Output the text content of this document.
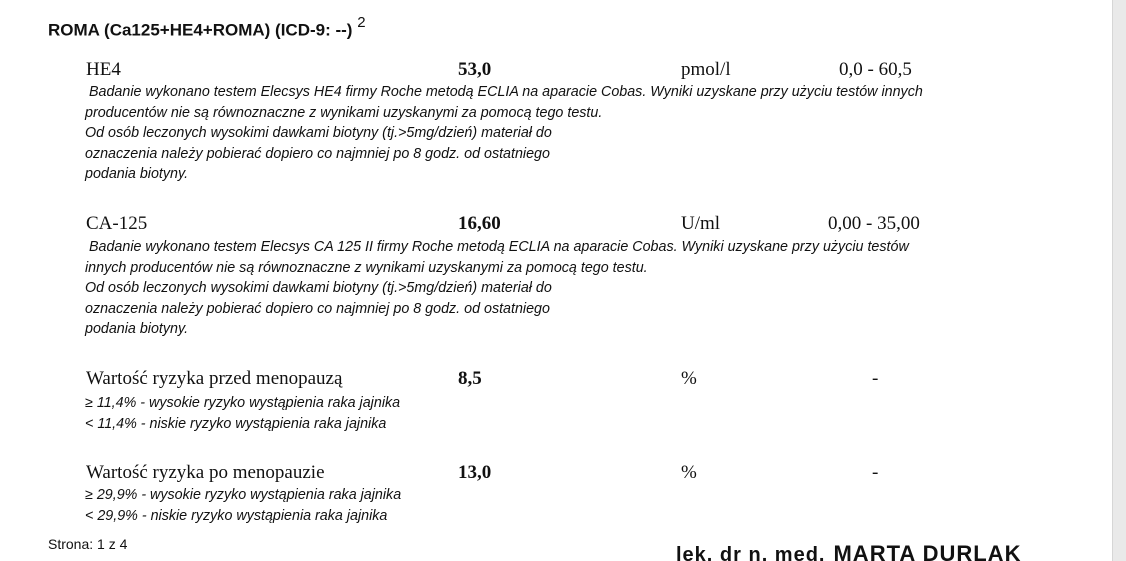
ROMA (Ca125+HE4+ROMA) (ICD-9: --) $^2$
HE4	53,0	pmol/l	0,0 - 60,5
Badanie wykonano testem Elecsys HE4 firmy Roche metodą ECLIA na aparacie Cobas. Wyniki uzyskane przy użyciu testów innych
producentów nie są równoznaczne z wynikami uzyskanymi za pomocą tego testu.
Od osób leczonych wysokimi dawkami biotyny (tj.>5mg/dzień) materiał do
oznaczenia należy pobierać dopiero co najmniej po 8 godz. od ostatniego
podania biotyny.
CA-125	16,60	U/ml	0,00 - 35,00
Badanie wykonano testem Elecsys CA 125 II firmy Roche metodą ECLIA na aparacie Cobas. Wyniki uzyskane przy użyciu testów
innych producentów nie są równoznaczne z wynikami uzyskanymi za pomocą tego testu.
Od osób leczonych wysokimi dawkami biotyny (tj.>5mg/dzień) materiał do
oznaczenia należy pobierać dopiero co najmniej po 8 godz. od ostatniego
podania biotyny.
Wartość ryzyka przed menopauzą	8,5	%	-
≥ 11,4% - wysokie ryzyko wystąpienia raka jajnika
< 11,4% - niskie ryzyko wystąpienia raka jajnika
Wartość ryzyka po menopauzie	13,0	%	-
≥ 29,9% - wysokie ryzyko wystąpienia raka jajnika
< 29,9% - niskie ryzyko wystąpienia raka jajnika
Strona: 1 z 4	lek. dr n. med. MARTA DURLAK
